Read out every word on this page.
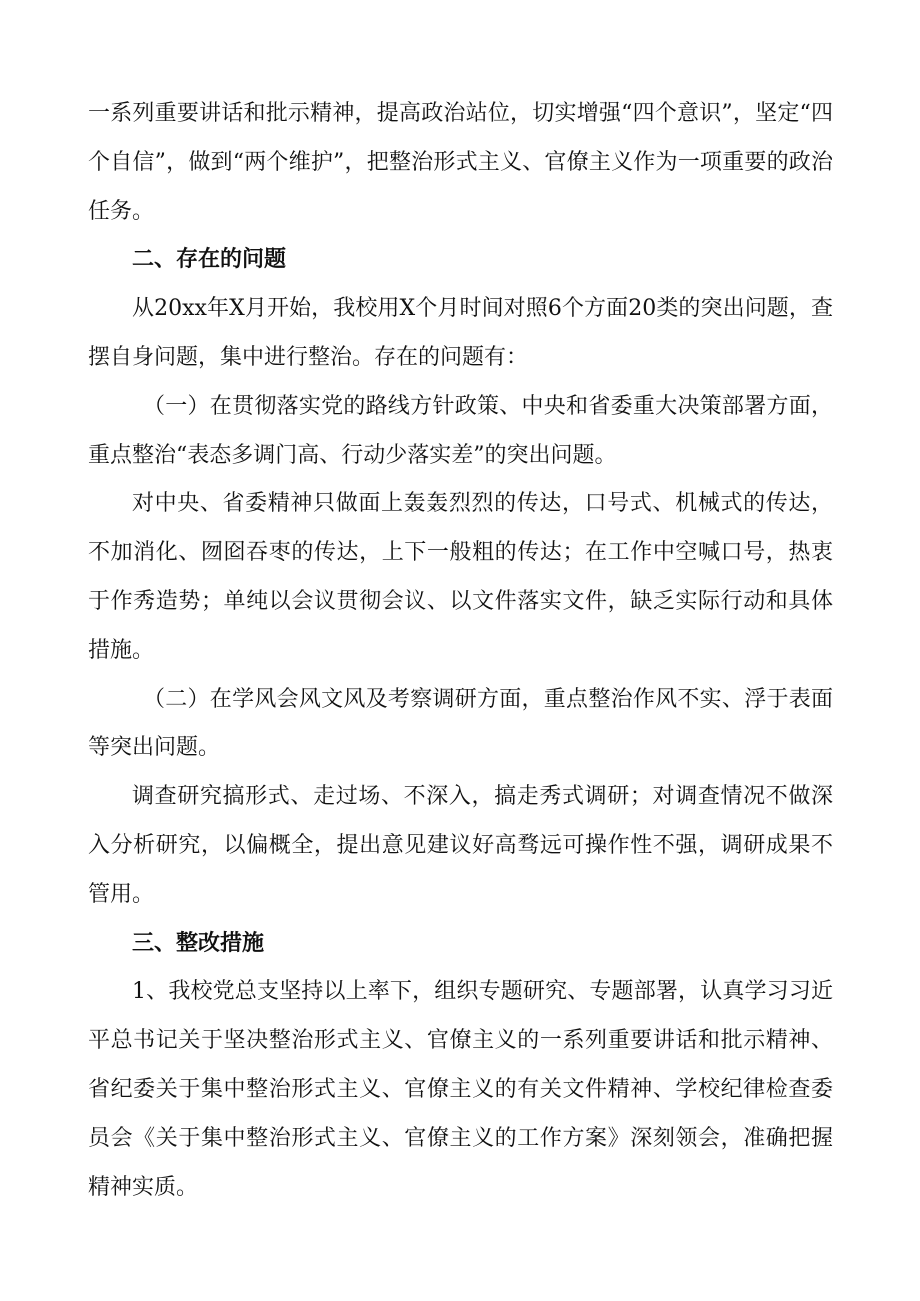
一系列重要讲话和批示精神，提高政治站位，切实增强“四个意识”，坚定“四个自信”，做到“两个维护”，把整治形式主义、官僚主义作为一项重要的政治任务。

二、存在的问题

从20xx年X月开始，我校用X个月时间对照6个方面20类的突出问题，查摆自身问题，集中进行整治。存在的问题有：

（一）在贯彻落实党的路线方针政策、中央和省委重大决策部署方面，重点整治“表态多调门高、行动少落实差”的突出问题。

对中央、省委精神只做面上轰轰烈烈的传达，口号式、机械式的传达，不加消化、囫囵吞枣的传达，上下一般粗的传达；在工作中空喊口号，热衷于作秀造势；单纯以会议贯彻会议、以文件落实文件，缺乏实际行动和具体措施。

（二）在学风会风文风及考察调研方面，重点整治作风不实、浮于表面等突出问题。

调查研究搞形式、走过场、不深入，搞走秀式调研；对调查情况不做深入分析研究，以偏概全，提出意见建议好高骛远可操作性不强，调研成果不管用。

三、整改措施

1、我校党总支坚持以上率下，组织专题研究、专题部署，认真学习习近平总书记关于坚决整治形式主义、官僚主义的一系列重要讲话和批示精神、省纪委关于集中整治形式主义、官僚主义的有关文件精神、学校纪律检查委员会《关于集中整治形式主义、官僚主义的工作方案》深刻领会，准确把握精神实质。
